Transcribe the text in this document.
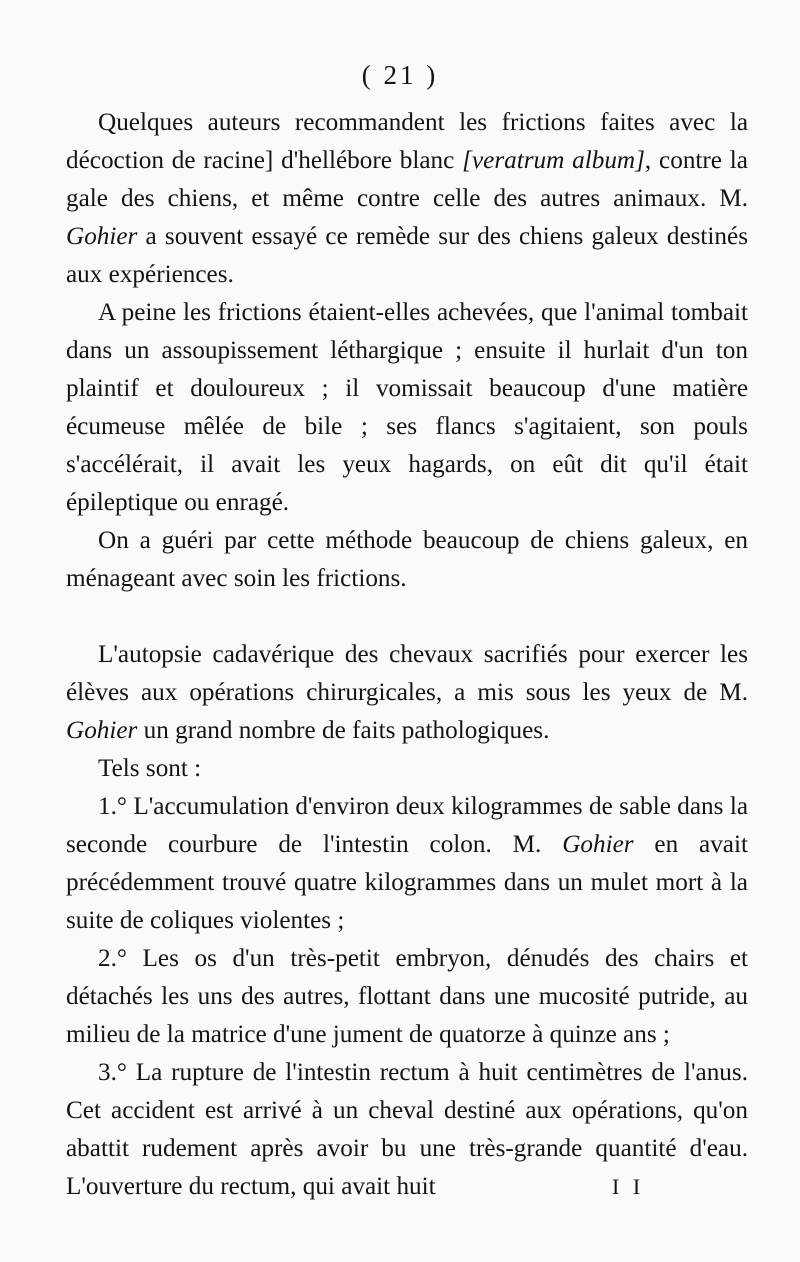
( 21 )

Quelques auteurs recommandent les frictions faites avec la décoction de racine] d'hellébore blanc [veratrum album], contre la gale des chiens, et même contre celle des autres animaux. M. Gohier a souvent essayé ce remède sur des chiens galeux destinés aux expériences.

A peine les frictions étaient-elles achevées, que l'animal tombait dans un assoupissement léthargique ; ensuite il hurlait d'un ton plaintif et douloureux ; il vomissait beaucoup d'une matière écumeuse mêlée de bile ; ses flancs s'agitaient, son pouls s'accélérait, il avait les yeux hagards, on eût dit qu'il était épileptique ou enragé.

On a guéri par cette méthode beaucoup de chiens galeux, en ménageant avec soin les frictions.

L'autopsie cadavérique des chevaux sacrifiés pour exercer les élèves aux opérations chirurgicales, a mis sous les yeux de M. Gohier un grand nombre de faits pathologiques.

Tels sont :

1.° L'accumulation d'environ deux kilogrammes de sable dans la seconde courbure de l'intestin colon. M. Gohier en avait précédemment trouvé quatre kilogrammes dans un mulet mort à la suite de coliques violentes ;

2.° Les os d'un très-petit embryon, dénudés des chairs et détachés les uns des autres, flottant dans une mucosité putride, au milieu de la matrice d'une jument de quatorze à quinze ans ;

3.° La rupture de l'intestin rectum à huit centimètres de l'anus. Cet accident est arrivé à un cheval destiné aux opérations, qu'on abattit rudement après avoir bu une très-grande quantité d'eau. L'ouverture du rectum, qui avait huit	I I
